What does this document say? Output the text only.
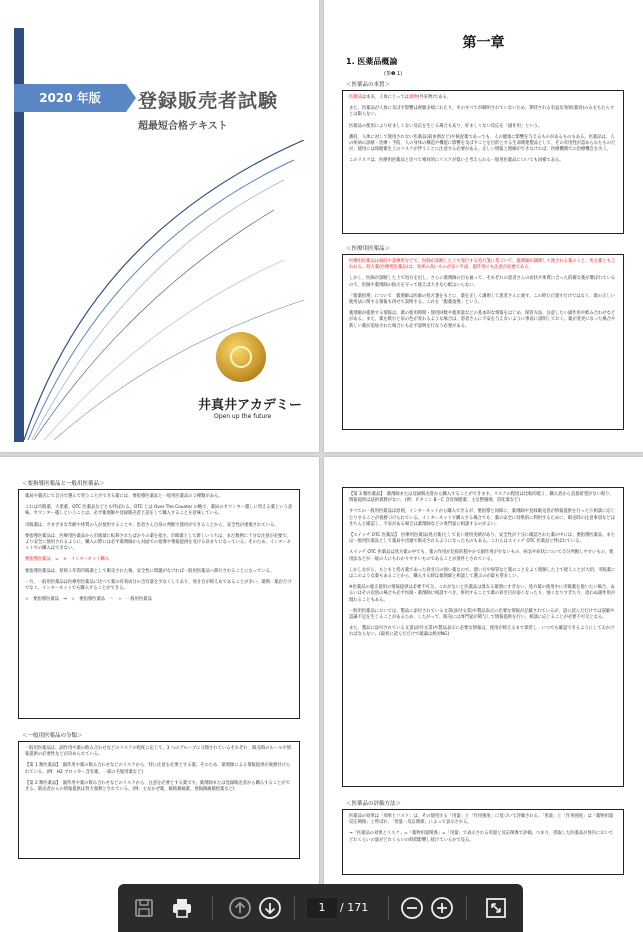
2020 年版	登録販売者試験
超最短合格テキスト
井真井アカデミー
Open up the future
第一章
1. 医薬品概論
(参❶ 1)
＜医薬品の本質＞

医薬品は本来、人体にとっては異物(外来物)である。

また、医薬品が人体に及ぼす影響は複雑多岐にわたり、そのすべてが解明されていないため、期待される有益な効果(薬効)のみをもたらすとは限らない。

医薬品の使用により好ましくない反応を生じる場合もあり、好ましくない反応を「副作用」という。

護持、人体に対して使用されない医薬品(殺虫剤など)や検査薬であっても、人の健康に影響を与えるものがあるものもある。医薬品は、人の疾病の診断・治療・予防、人の身体の構造や機能に影響を及ぼすことを目的とする生命関連製品として、その有用性が認められたものだが、使用には保健衛生上のリスクが伴うことに注意する必要がある。正しい情報と理解ができなければ、医療機関での治療機会を失う。

このリスクは、医療用医薬品と比べて相対的にリスクが低いと考えられる一般用医薬品についても同様である。

＜医療用医薬品＞

医療用医薬品は病院や診療所などで、医師が診断した上で発行する処方箋に基づいて、薬剤師が調剤して渡される薬のこと。処方薬とも言われる。処方薬(医療用医薬品)は、効果の高いものが多い半面、副作用にも注意が必要である。

しかし、医師が診断した上で処方を出し、さらに薬剤師の目も通って、それぞれの患者さんの症状や体質に合った的確な薬が選ばれているので、医師や薬剤師の指示を守って使えば大きな心配はいらない。

「服薬指導」について　薬剤師は医師の処方箋をもとに、薬を正しく調剤して患者さんに渡す。この時ただ渡すだけではなく、薬の正しい使用法に関する情報も併せて説明する。これを「服薬指導」という。

薬剤師が提供する情報は、薬の使用時間・使用回数や使用量などの基本的な情報をはじめ、保管方法、注意したい副作用や飲み合わせなどがある。また、薬を飲むと尿の色が変わるような場合は、患者さんに不安を与えないように事前に説明しておく。薬が変更になった場合や新しい薬が追加された場合にも必ず説明を行なう必要がある。

＜要指導医薬品と一般用医薬品＞

薬局や薬店にて自分で選んで買うことができる薬には、要指導医薬品と一般用医薬品の２種類がある。

これは市販薬、大衆薬、OTC 医薬品などとも呼ばれる。OTC とは Over The Counter の略で、薬局のカウンター越しに買える薬という意味。カウンター越しということは、必ず薬剤師や登録販売者と話をして購入することを意味している。

市販薬は、さまざまな年齢や体質の人が使用することや、患者さん自身の判断で使用ができることから、安全性が重視されている。

要指導医薬品は、医療用医薬品から市販薬に転移されたばかりの薬を指す。市販薬として新しいうちは、まだ数例に十分な注意が必要で、より安全に使用されるように、購入の際には必ず薬剤師から対面での指導や情報提供を受ける決まりになっている。そのため、インターネットでの購入はできない。

要指導医薬品　=　×　インターネット購入

要指導医薬品は、原則３年間市販薬として販売された後、安全性に問題がなければ一般用医薬品へ移行されることになっている。

一方、一般用医薬品は医療用医薬品に比べて薬の有効成分の含有量を少なくしてあり、効き目が抑えめであることが多い。薬剤・薬店だけでなく、インターネットでも購入することができる。

☆　要指導医薬品　⇒　☆　要指導医薬品　＝　☆　一般用医薬品

＜一般用医薬品の分類＞

一般用医薬品は、副作用や薬の飲み合わせなどのリスクの程度に応じて、3 つのグループに分類されているそれぞれ、販売時のルールや情報提供の必要性などが決められている。

【第 1 類医薬品】　副作用や薬の飲み合わせなどのリスクから、特に注意を必要とする薬。そのため、薬剤師による情報提供が義務付けられている。(例：H2 ブロッカー含有薬、一部の毛髪用薬など)

【第 2 類医薬品】　副作用や薬の飲み合わせなどのリスクから、注意を必要とする薬です。薬剤師または登録販売者から購入することができる。販売者からの情報提供は努力義務とされている。(例：主なかぜ薬、解熱鎮痛薬、胃腸鎮痛鎮痙薬など)

【第 3 類医薬品】　薬剤師または登録販売者から購入することができます。リスクの程度は比較的低く、購入者から直接希望がない限り、情報提供は法的義務がない。(例：ビタミン B・C 含有保健薬、主な整腸剤、消化薬など)

すべての一般用医薬品は原則、インターネットから購入できるが、要指導と同様に、薬剤師や登録販売者が情報提供を行ったり相談に応じたりすることが義務づけられている。インターネットで購入する場合でも、薬の安全に効果的に利用するために、販売時の注意事項などはきちんと確認し、不安がある場合は薬剤師などの専門家に相談するのがよい。

【スイッチ OTC 医薬品】　医療用医薬品(処方薬)として長い使用実績があり、安全性が十分に確認された薬の中には、要指導医薬品、または一般用医薬品として薬局や店頭で販売されるようになったものもある。これらはスイッチ OTC 医薬品と呼ばれている。

スイッチ OTC 医薬品は処方薬の中でも、薬の作用が比較的穏やかで副作用が少ないもの、病気や症状について自分判断しやすいもの、使用法などが一般の人にもわかりやすいものであることが条件とされている。

しかしながら、もともと処方薬であった効き目の強い薬なので、使い方や保管など薬のことをよく理解した上で使うことが大切。市販薬にはこのような薬もあることから、購入する時は薬剤師と相談して選ぶのが最も望ましい。

※医薬品の適正使用の情報提供は必要不可欠。これがないと医薬品は異なる薬剤にすぎない。処方薬の使用中に市販薬を使いたい場合、あるいはその次別の場合も必ず医師・薬剤師に相談すべき。併用することで薬の効き目が弱くなったり、強くなりすぎたり、思わぬ副作用が現れることもある。

一般用医薬品においては、製品に添付されている文書(添付文書)や製品表示に必要な情報が記載されているが、読に読んだだけでは誤解や認識不足を生じることがあるため、したがって、販売には専門家が関与して情報提供を行い、相談に応じることが必要不可欠となる。

また、製品に添付されている文書(添付文書)や製品表示に必要な情報は、使用が終えるまで保管し、いつでも確認できるようにしておかければならない。(最初に読んだだけで破棄は絶対NG)

＜医薬品の評価方法＞

医薬品の効果は「効果とリスク」は、その使用する「用量」と「作用強度」に基づいて評価される。「用量」と「作用強度」は「薬物用量反応関係」と呼ばれ、「用量－反応関係」によって表示される。

→「医薬品の効果とリスク」=「薬物用量関係」=「用量」で表示される用量と反応関係で評価。つまり、摂取した医薬品が体内においてどれくらいの量がどれくらいの時間影響し続けているかで見る。

1	/ 171
